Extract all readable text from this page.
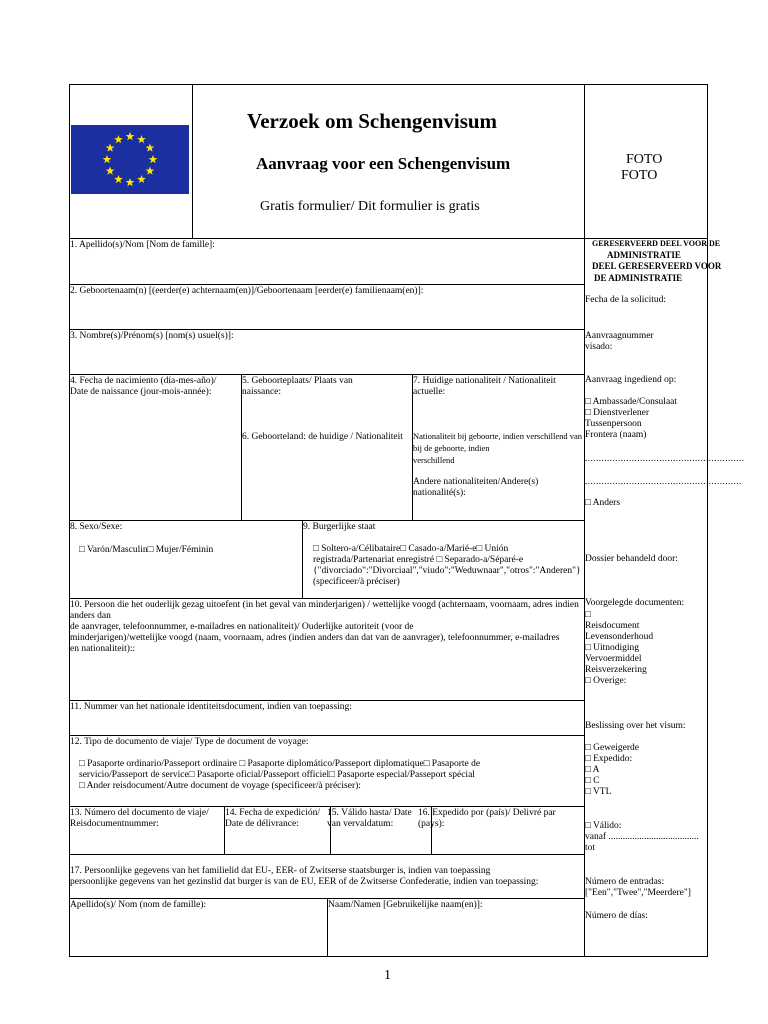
Verzoek om Schengenvisum
Aanvraag voor een Schengenvisum
Gratis formulier/ Dit formulier is gratis
FOTO
FOTO
1. Apellido(s)/Nom [Nom de famille]:
2. Geboortenaam(n) [(eerder(e) achternaam(en)]/Geboortenaam [eerder(e) familienaam(en)]:
3. Nombre(s)/Prénom(s) [nom(s) usuel(s)]:
4. Fecha de nacimiento (día-mes-año)/
Date de naissance (jour-mois-année):
5. Geboorteplaats/ Plaats van
naissance:
6. Geboorteland: de huidige / Nationaliteit
7. Huidige nationaliteit / Nationaliteit
actuelle:

Nationaliteit bij geboorte, indien verschillend van
bij de geboorte, indien
verschillend

Andere nationaliteiten/Andere(s)
nationalité(s):
8. Sexo/Sexe:
□ Varón/Masculin□ Mujer/Féminin
9. Burgerlijke staat
□ Soltero-a/Célibataire□ Casado-a/Marié-e□ Unión
registrada/Partenariat enregistré □ Separado-a/Séparé-e
{"divorciado":"Divorciaal","viudo":"Weduwnaar","otros":"Anderen"}
(specificeer/à préciser)
10. Persoon die het ouderlijk gezag uitoefent (in het geval van minderjarigen) / wettelijke voogd (achternaam, voornaam, adres indien anders dan
de aanvrager, telefoonnummer, e-mailadres en nationaliteit)/ Ouderlijke autoriteit (voor de
minderjarigen)/wettelijke voogd (naam, voornaam, adres (indien anders dan dat van de aanvrager), telefoonnummer, e-mailadres
en nationaliteit)::
11. Nummer van het nationale identiteitsdocument, indien van toepassing:
12. Tipo de documento de viaje/ Type de document de voyage:
□ Pasaporte ordinario/Passeport ordinaire □ Pasaporte diplomático/Passeport diplomatique□ Pasaporte de
servicio/Passeport de service□ Pasaporte oficial/Passeport officiel□ Pasaporte especial/Passeport spécial
□ Ander reisdocument/Autre document de voyage (specificeer/à préciser):
13. Número del documento de viaje/
Reisdocumentnummer:
14. Fecha de expedición/
Date de délivrance:
15. Válido hasta/ Date
van vervaldatum:
16. Expedido por (país)/ Delivré par
(pays):
17. Persoonlijke gegevens van het familielid dat EU-, EER- of Zwitserse staatsburger is, indien van toepassing
persoonlijke gegevens van het gezinslid dat burger is van de EU, EER of de Zwitserse Confederatie, indien van toepassing:
Apellido(s)/ Nom (nom de famille):	Naam/Namen [Gebruikelijke naam(en)]:
GERESERVEERD DEEL VOOR DE
ADMINISTRATIE
DEEL GERESERVEERD VOOR
DE ADMINISTRATIE
Fecha de la solicitud:
Aanvraagnummer
visado:
Aanvraag ingediend op:
□ Ambassade/Consulaat
□ Dienstverlener
Tussenpersoon
Frontera (naam)
..........................................................
.........................................................
□ Anders
Dossier behandeld door:
Voorgelegde documenten:
□
Reisdocument
Levensonderhoud
□ Uitnodiging
Vervoermiddel
Reisverzekering
□ Overige:
Beslissing over het visum:
□ Geweigerde
□ Expedido:
□ A
□ C
□ VTL
□ Válido:
vanaf ......................................
tot
Número de entradas:
["Een","Twee","Meerdere"]
Número de días:
1
